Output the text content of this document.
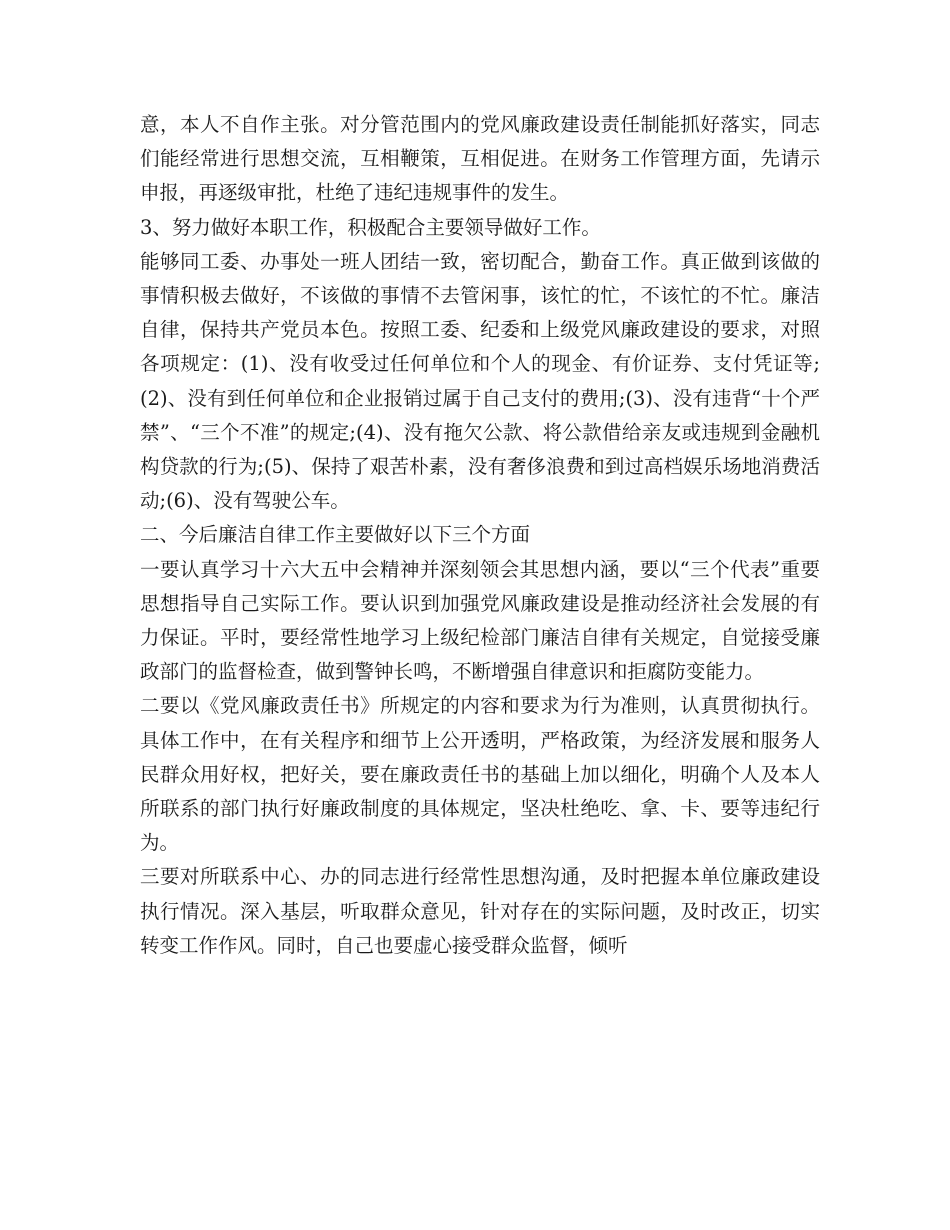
意，本人不自作主张。对分管范围内的党风廉政建设责任制能抓好落实，同志们能经常进行思想交流，互相鞭策，互相促进。在财务工作管理方面，先请示申报，再逐级审批，杜绝了违纪违规事件的发生。

3、努力做好本职工作，积极配合主要领导做好工作。

能够同工委、办事处一班人团结一致，密切配合，勤奋工作。真正做到该做的事情积极去做好，不该做的事情不去管闲事，该忙的忙，不该忙的不忙。廉洁自律，保持共产党员本色。按照工委、纪委和上级党风廉政建设的要求，对照各项规定：(1)、没有收受过任何单位和个人的现金、有价证券、支付凭证等;(2)、没有到任何单位和企业报销过属于自己支付的费用;(3)、没有违背“十个严禁”、“三个不准”的规定;(4)、没有拖欠公款、将公款借给亲友或违规到金融机构贷款的行为;(5)、保持了艰苦朴素，没有奢侈浪费和到过高档娱乐场地消费活动;(6)、没有驾驶公车。

二、今后廉洁自律工作主要做好以下三个方面

一要认真学习十六大五中会精神并深刻领会其思想内涵，要以“三个代表”重要思想指导自己实际工作。要认识到加强党风廉政建设是推动经济社会发展的有力保证。平时，要经常性地学习上级纪检部门廉洁自律有关规定，自觉接受廉政部门的监督检查，做到警钟长鸣，不断增强自律意识和拒腐防变能力。

二要以《党风廉政责任书》所规定的内容和要求为行为准则，认真贯彻执行。具体工作中，在有关程序和细节上公开透明，严格政策，为经济发展和服务人民群众用好权，把好关，要在廉政责任书的基础上加以细化，明确个人及本人所联系的部门执行好廉政制度的具体规定，坚决杜绝吃、拿、卡、要等违纪行为。

三要对所联系中心、办的同志进行经常性思想沟通，及时把握本单位廉政建设执行情况。深入基层，听取群众意见，针对存在的实际问题，及时改正，切实转变工作作风。同时，自己也要虚心接受群众监督，倾听
